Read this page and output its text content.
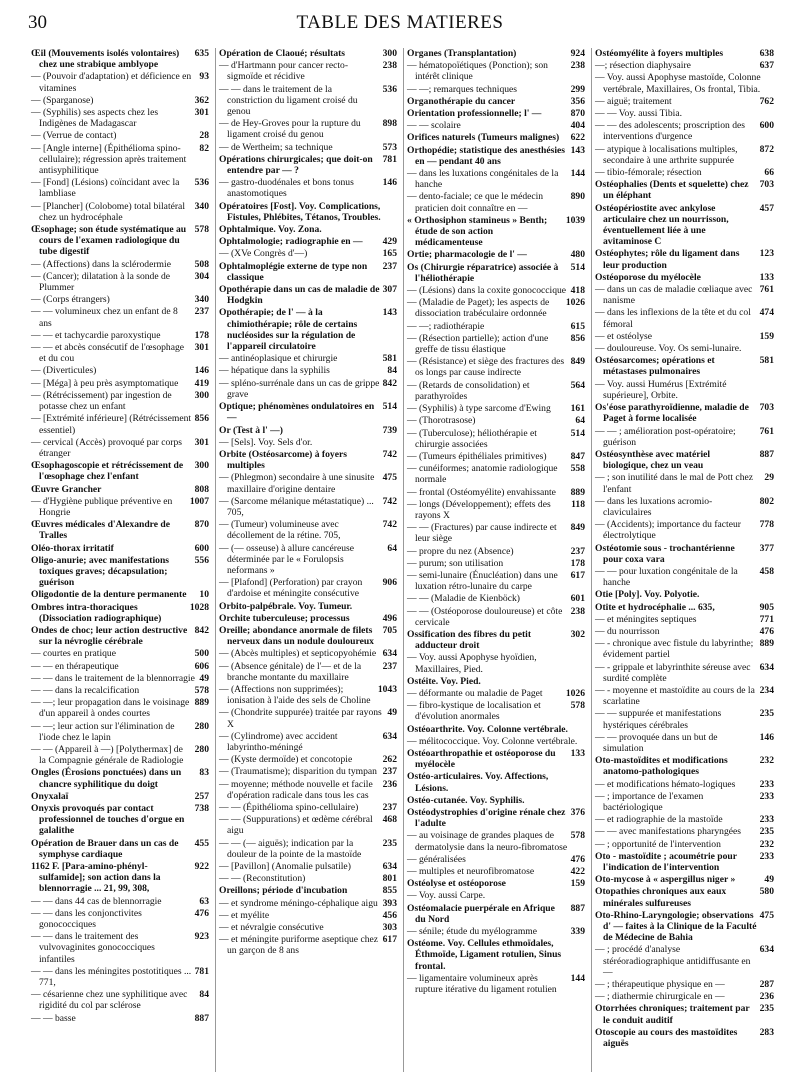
30	TABLE DES MATIERES
Œil (Mouvements isolés volontaires) chez une strabique amblyope
635
— (Pouvoir d'adaptation) et déficience en vitamines
93
— (Sparganose)	362
— (Syphilis) ses aspects chez les Indigènes de Madagascar
301
— (Verrue de contact)	28
— [Angle interne] (Épithélioma spino-cellulaire); régression après traitement antisyphilitique
82
— [Fond] (Lésions) coïncidant avec la lambliase
536
— [Plancher] (Colobome) total bilatéral chez un hydrocéphale
340
Œsophage; son étude systématique au cours de l'examen radiologique du tube digestif
578
— (Affections) dans la sclérodermie	508
— (Cancer); dilatation à la sonde de Plummer
304
— (Corps étrangers)	340
— — volumineux chez un enfant de 8 ans
237
— — et tachycardie paroxystique	178
— — et abcès consécutif de l'œsophage et du cou
301
— (Diverticules)	146
— [Méga] à peu près asymptomatique	419
— (Rétrécissement) par ingestion de potasse chez un enfant
300
— [Extrémité inférieure] (Rétrécissement essentiel)
856
— cervical (Accès) provoqué par corps étranger
301
Œsophagoscopie et rétrécissement de l'œsophage chez l'enfant
300
Œuvre Grancher	808
— d'Hygiène publique préventive en Hongrie
1007
Œuvres médicales d'Alexandre de Tralles
870
Oléo-thorax irritatif	600
Oligo-anurie; avec manifestations toxiques graves; décapsulation; guérison
556
Oligodontie de la denture permanente	10
Ombres intra-thoraciques (Dissociation radiographique)
1028
Ondes de choc; leur action destructive sur la névroglie cérébrale
842
— courtes en pratique	500
— — en thérapeutique	606
— — dans le traitement de la blennorragie 49
— — dans la recalcification	578
— —; leur propagation dans le voisinage d'un appareil à ondes courtes
889
— —; leur action sur l'élimination de l'iode chez le lapin
280
— — (Appareil à —) [Polythermax] de la Compagnie générale de Radiologie
280
Ongles (Érosions ponctuées) dans un chancre syphilitique du doigt
83
Onyxalaï	257
Onyxis provoqués par contact professionnel de touches d'orgue en galalithe
738
Opération de Brauer dans un cas de symphyse cardiaque
455
1162 F. [Para-amino-phényl-sulfamide]; son action dans la blennorragie ... 21, 99, 308,
922
— — dans 44 cas de blennorragie	63
— — dans les conjonctivites gonococciques
476
— — dans le traitement des vulvovaginites gonococciques infantiles
923
— — dans les méningites postotitiques ... 771,
781
— césarienne chez une syphilitique avec rigidité du col par sclérose
84
— — basse	887
Opération de Claoué; résultats	300
— d'Hartmann pour cancer recto-sigmoïde et récidive
238
— — dans le traitement de la constriction du ligament croisé du genou
536
— de Hey-Groves pour la rupture du ligament croisé du genou
898
— de Wertheim; sa technique	573
Opérations chirurgicales; que doit-on entendre par — ?
781
— gastro-duodénales et bons tonus anastomotiques
146
Opératoires [Fost]. Voy. Complications, Fistules, Phlébites, Tétanos, Troubles.
Ophtalmique. Voy. Zona.
Ophtalmologie; radiographie en —	429
— (XVe Congrès d'—)	165
Ophtalmoplégie externe de type non classique
237
Opothérapie dans un cas de maladie de Hodgkin
307
Opothérapie; de l' — à la chimiothérapie; rôle de certains nucléosides sur la régulation de l'appareil circulatoire
143
— antinéoplasique et chirurgie	581
— hépatique dans la syphilis	84
— spléno-surrénale dans un cas de grippe grave
842
Optique; phénomènes ondulatoires en —
514
Or (Test à l' —)	739
— [Sels]. Voy. Sels d'or.
Orbite (Ostéosarcome) à foyers multiples
742
— (Phlegmon) secondaire à une sinusite maxillaire d'origine dentaire
475
— (Sarcome mélanique métastatique) ... 705,
742
— (Tumeur) volumineuse avec décollement de la rétine. 705,
742
— (— osseuse) à allure cancéreuse déterminée par le « Forulopsis neformans »
64
— [Plafond] (Perforation) par crayon d'ardoise et méningite consécutive
906
Orbito-palpébrale. Voy. Tumeur.
Orchite tuberculeuse; processus	496
Oreille; abondance anormale de filets nerveux dans un nodule douloureux
705
— (Abcès multiples) et septicopyohémie 634
— (Absence génitale) de l'— et de la branche montante du maxillaire
237
— (Affections non supprimées); ionisation à l'aide des sels de Choline
1043
— (Chondrite suppurée) traitée par rayons X
49
— (Cylindrome) avec accident labyrintho-méningé
634
— (Kyste dermoïde) et concotopie	262
— (Traumatisme); disparition du tympan 237
— moyenne; méthode nouvelle et facile d'opération radicale dans tous les cas
236
— — (Épithélioma spino-cellulaire)	237
— — (Suppurations) et œdème cérébral aigu
468
— — (— aiguës); indication par la douleur de la pointe de la mastoïde
235
— [Pavillon] (Anomalie pulsatile)	634
— — (Reconstitution)	801
Oreillons; période d'incubation	855
— et syndrome méningo-céphalique aigu 393
— et myélite	456
— et névralgie consécutive	303
— et méningite puriforme aseptique chez un garçon de 8 ans
617
Organes (Transplantation)	924
— hématopoïétiques (Ponction); son intérêt clinique
238
— —; remarques techniques	299
Organothérapie du cancer	356
Orientation professionnelle; l' —	870
— — scolaire	404
Orifices naturels (Tumeurs malignes)	622
Orthopédie; statistique des anesthésies en — pendant 40 ans
143
— dans les luxations congénitales de la hanche
144
— dento-faciale; ce que le médecin praticien doit connaître en —
890
« Orthosiphon stamineus » Benth; étude de son action médicamenteuse
1039
Ortie; pharmacologie de l' —	480
Os (Chirurgie réparatrice) associée à l'héliothérapie
514
— (Lésions) dans la coxite gonococcique 418
— (Maladie de Paget); les aspects de dissociation trabéculaire ordonnée
1026
— —; radiothérapie	615
— (Résection partielle); action d'une greffe de tissu élastique
856
— (Résistance) et siège des fractures des os longs par cause indirecte
849
— (Retards de consolidation) et parathyroïdes
564
— (Syphilis) à type sarcome d'Ewing	161
— (Thorotrasose)	64
— (Tuberculose); héliothérapie et chirurgie associées
514
— (Tumeurs épithéliales primitives)	847
— cunéiformes; anatomie radiologique normale
558
— frontal (Ostéomyélite) envahissante	889
— longs (Développement); effets des rayons X
118
— — (Fractures) par cause indirecte et leur siège
849
— propre du nez (Absence)	237
— purum; son utilisation	178
— semi-lunaire (Énucléation) dans une luxation rétro-lunaire du carpe
617
— — (Maladie de Kienböck)	601
— — (Ostéoporose douloureuse) et côte cervicale
238
Ossification des fibres du petit adducteur droit
302
— Voy. aussi Apophyse hyoïdien, Maxillaires, Pied.
Ostéite. Voy. Pied.
— déformante ou maladie de Paget	1026
— fibro-kystique de localisation et d'évolution anormales
578
Ostéoarthrite. Voy. Colonne vertébrale.
— mélitococcique. Voy. Colonne vertébrale.
Ostéoarthropathie et ostéoporose du myélocèle
133
Ostéo-articulaires. Voy. Affections, Lésions.
Ostéo-cutanée. Voy. Syphilis.
Ostéodystrophies d'origine rénale chez l'adulte
376
— au voisinage de grandes plaques de dermatolysie dans la neuro-fibromatose
578
— généralisées	476
— multiples et neurofibromatose	422
Ostéolyse et ostéoporose	159
— Voy. aussi Carpe.
Ostéomalacie puerpérale en Afrique du Nord
887
— sénile; étude du myélogramme	339
Ostéome. Voy. Cellules ethmoïdales, Éthmoïde, Ligament rotulien, Sinus frontal.
— ligamentaire volumineux après rupture itérative du ligament rotulien
144
Ostéomyélite à foyers multiples	638
—; résection diaphysaire	637
— Voy. aussi Apophyse mastoïde, Colonne vertébrale, Maxillaires, Os frontal, Tibia.
— aiguë; traitement	762
— — Voy. aussi Tibia.
— — des adolescents; proscription des interventions d'urgence
600
— atypique à localisations multiples, secondaire à une arthrite suppurée
872
— tibio-fémorale; résection	66
Ostéophalies (Dents et squelette) chez un éléphant
703
Ostéopériostite avec ankylose articulaire chez un nourrisson, éventuellement liée à une avitaminose C
457
Ostéophytes; rôle du ligament dans leur production
123
Ostéoporose du myélocèle	133
— dans un cas de maladie cœliaque avec nanisme
761
— dans les inflexions de la tête et du col fémoral
474
— et ostéolyse	159
— douloureuse. Voy. Os semi-lunaire.
Ostéosarcomes; opérations et métastases pulmonaires
581
— Voy. aussi Humérus [Extrémité supérieure], Orbite.
Os'éose parathyroïdienne, maladie de Paget à forme localisée
703
— — ; amélioration post-opératoire; guérison
761
Ostéosynthèse avec matériel biologique, chez un veau
887
— ; son inutilité dans le mal de Pott chez l'enfant
29
— dans les luxations acromio-claviculaires
802
— (Accidents); importance du facteur électrolytique
778
Ostéotomie sous - trochantérienne pour coxa vara
377
— — pour luxation congénitale de la hanche
458
Otie [Poly]. Voy. Polyotie.
Otite et hydrocéphalie ... 635,	905
— et méningites septiques	771
— du nourrisson	476
— - chronique avec fistule du labyrinthe; évidement partiel
889
— - grippale et labyrinthite séreuse avec surdité complète
634
— - moyenne et mastoïdite au cours de la scarlatine
234
— — suppurée et manifestations hystériques cérébrales
235
— — provoquée dans un but de simulation
146
Oto-mastoïdites et modifications anatomo-pathologiques
232
— et modifications hémato-logiques	233
— ; importance de l'examen bactériologique
233
— et radiographie de la mastoïde	233
— — avec manifestations pharyngées	235
— ; opportunité de l'intervention	232
Oto - mastoïdite ; acoumétrie pour l'indication de l'intervention
233
Oto-mycose à « aspergillus niger »	49
Otopathies chroniques aux eaux minérales sulfureuses
580
Oto-Rhino-Laryngologie; observations d' — faites à la Clinique de la Faculté de Médecine de Bahia
475
— ; procédé d'analyse stéréoradiographique antidiffusante en —
634
— ; thérapeutique physique en —	287
— ; diathermie chirurgicale en —	236
Otorrhées chroniques; traitement par le conduit auditif
235
Otoscopie au cours des mastoïdites aiguës
283
